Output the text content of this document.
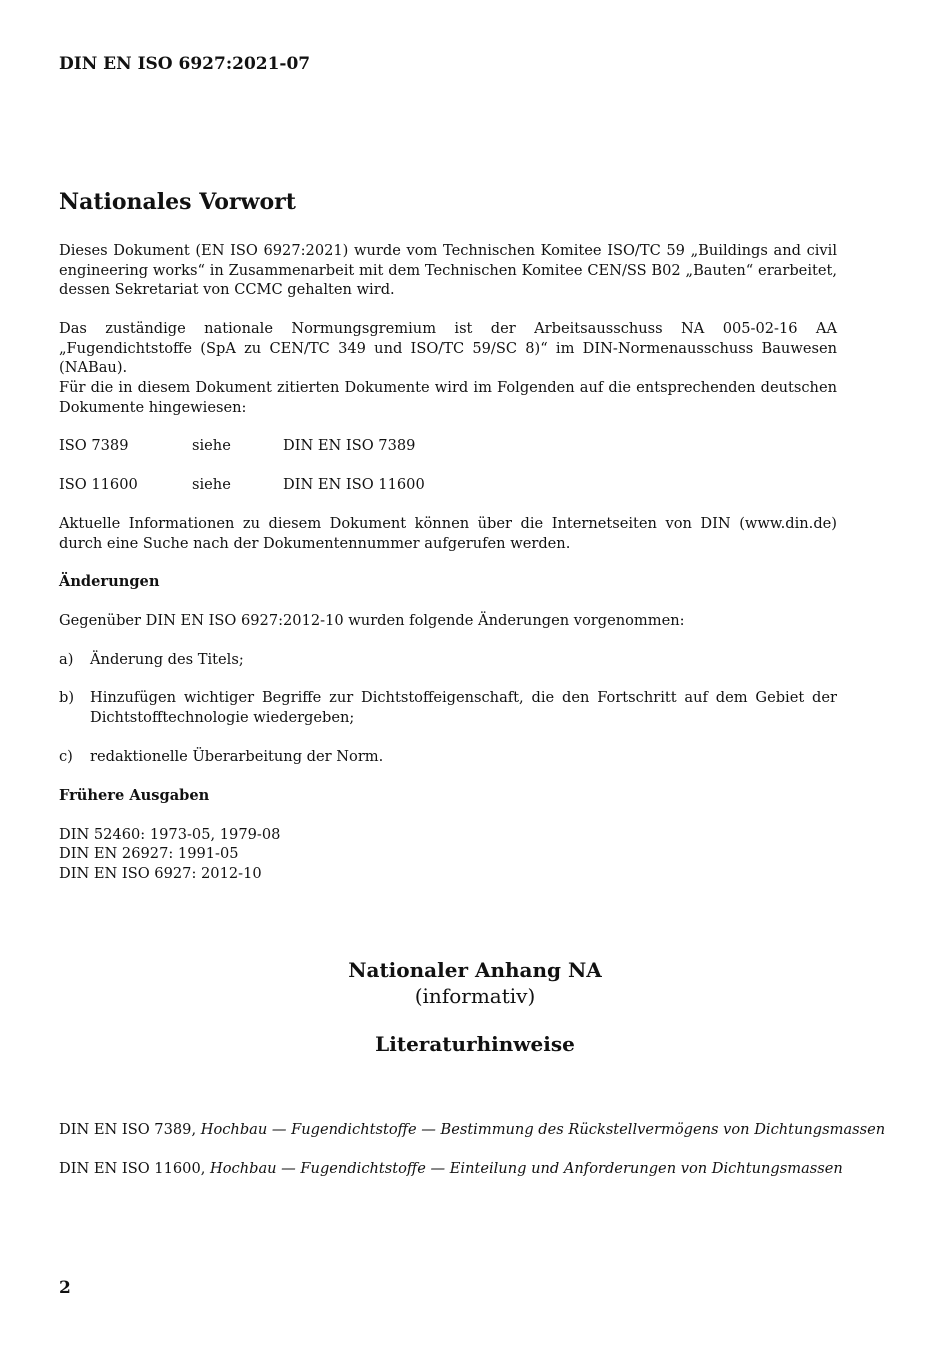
DIN EN ISO 6927:2021-07
Nationales Vorwort
Dieses Dokument (EN ISO 6927:2021) wurde vom Technischen Komitee ISO/TC 59 „Buildings and civil engineering works“ in Zusammenarbeit mit dem Technischen Komitee CEN/SS B02 „Bauten“ erarbeitet, dessen Sekretariat von CCMC gehalten wird.
Das zuständige nationale Normungsgremium ist der Arbeitsausschuss NA 005-02-16 AA „Fugendichtstoffe (SpA zu CEN/TC 349 und ISO/TC 59/SC 8)“ im DIN-Normenausschuss Bauwesen (NABau).
Für die in diesem Dokument zitierten Dokumente wird im Folgenden auf die entsprechenden deutschen Dokumente hingewiesen:
ISO 7389	siehe	DIN EN ISO 7389
ISO 11600	siehe	DIN EN ISO 11600
Aktuelle Informationen zu diesem Dokument können über die Internetseiten von DIN (www.din.de) durch eine Suche nach der Dokumentennummer aufgerufen werden.
Änderungen
Gegenüber DIN EN ISO 6927:2012-10 wurden folgende Änderungen vorgenommen:
a) Änderung des Titels;
b) Hinzufügen wichtiger Begriffe zur Dichtstoffeigenschaft, die den Fortschritt auf dem Gebiet der Dichtstofftechnologie wiedergeben;
c) redaktionelle Überarbeitung der Norm.
Frühere Ausgaben
DIN 52460: 1973-05, 1979-08
DIN EN 26927: 1991-05
DIN EN ISO 6927: 2012-10
Nationaler Anhang NA
(informativ)
Literaturhinweise
DIN EN ISO 7389, Hochbau — Fugendichtstoffe — Bestimmung des Rückstellvermögens von Dichtungsmassen
DIN EN ISO 11600, Hochbau — Fugendichtstoffe — Einteilung und Anforderungen von Dichtungsmassen
2
